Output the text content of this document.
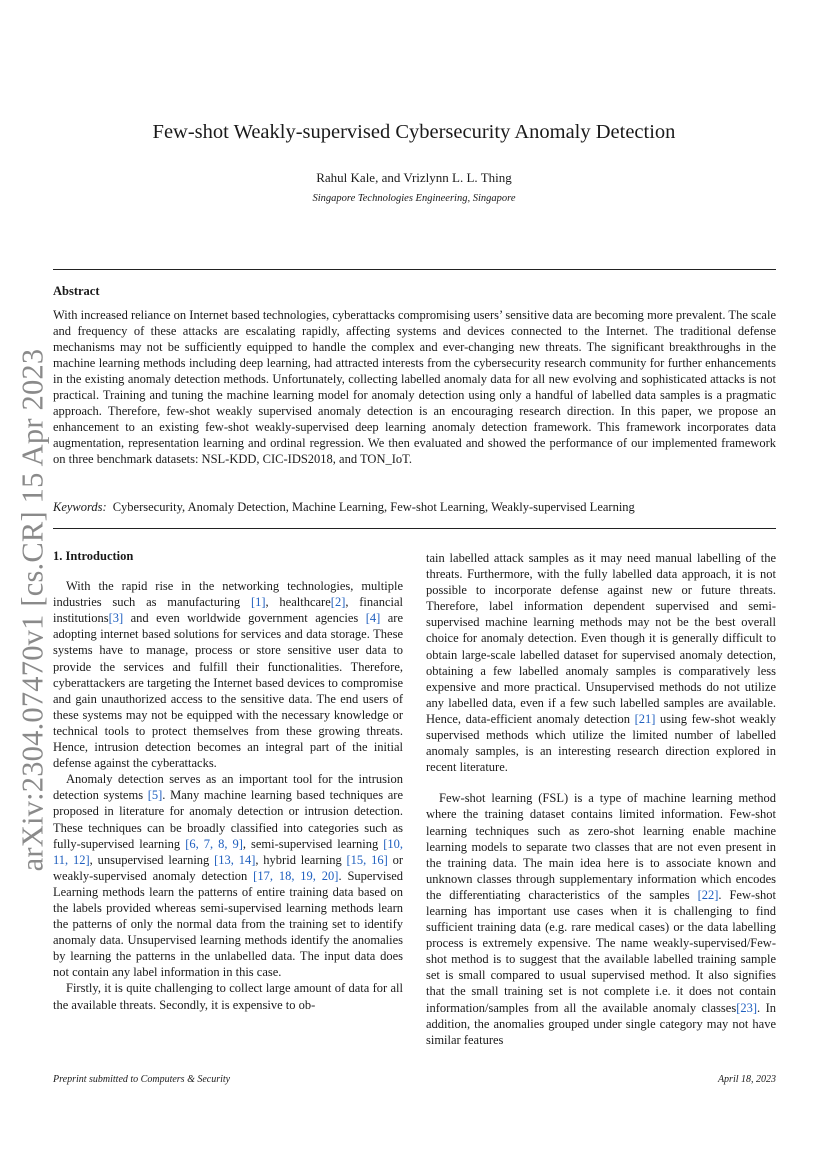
arXiv:2304.07470v1 [cs.CR] 15 Apr 2023
Few-shot Weakly-supervised Cybersecurity Anomaly Detection
Rahul Kale, and Vrizlynn L. L. Thing
Singapore Technologies Engineering, Singapore
Abstract

With increased reliance on Internet based technologies, cyberattacks compromising users’ sensitive data are becoming more prevalent. The scale and frequency of these attacks are escalating rapidly, affecting systems and devices connected to the Internet. The traditional defense mechanisms may not be sufficiently equipped to handle the complex and ever-changing new threats. The significant breakthroughs in the machine learning methods including deep learning, had attracted interests from the cybersecurity research community for further enhancements in the existing anomaly detection methods. Unfortunately, collecting labelled anomaly data for all new evolving and sophisticated attacks is not practical. Training and tuning the machine learning model for anomaly detection using only a handful of labelled data samples is a pragmatic approach. Therefore, few-shot weakly supervised anomaly detection is an encouraging research direction. In this paper, we propose an enhancement to an existing few-shot weakly-supervised deep learning anomaly detection framework. This framework incorporates data augmentation, representation learning and ordinal regression. We then evaluated and showed the performance of our implemented framework on three benchmark datasets: NSL-KDD, CIC-IDS2018, and TON_IoT.

Keywords: Cybersecurity, Anomaly Detection, Machine Learning, Few-shot Learning, Weakly-supervised Learning

1. Introduction

With the rapid rise in the networking technologies, multiple industries such as manufacturing [1], healthcare[2], financial institutions[3] and even worldwide government agencies [4] are adopting internet based solutions for services and data storage. These systems have to manage, process or store sensitive user data to provide the services and fulfill their functionalities. Therefore, cyberattackers are targeting the Internet based devices to compromise and gain unauthorized access to the sensitive data. The end users of these systems may not be equipped with the necessary knowledge or technical tools to protect themselves from these growing threats. Hence, intrusion detection becomes an integral part of the initial defense against the cyberattacks.

Anomaly detection serves as an important tool for the intrusion detection systems [5]. Many machine learning based techniques are proposed in literature for anomaly detection or intrusion detection. These techniques can be broadly classified into categories such as fully-supervised learning [6, 7, 8, 9], semi-supervised learning [10, 11, 12], unsupervised learning [13, 14], hybrid learning [15, 16] or weakly-supervised anomaly detection [17, 18, 19, 20]. Supervised Learning methods learn the patterns of entire training data based on the labels provided whereas semi-supervised learning methods learn the patterns of only the normal data from the training set to identify anomaly data. Unsupervised learning methods identify the anomalies by learning the patterns in the unlabelled data. The input data does not contain any label information in this case.

Firstly, it is quite challenging to collect large amount of data for all the available threats. Secondly, it is expensive to ob-

tain labelled attack samples as it may need manual labelling of the threats. Furthermore, with the fully labelled data approach, it is not possible to incorporate defense against new or future threats. Therefore, label information dependent supervised and semi-supervised machine learning methods may not be the best overall choice for anomaly detection. Even though it is generally difficult to obtain large-scale labelled dataset for supervised anomaly detection, obtaining a few labelled anomaly samples is comparatively less expensive and more practical. Unsupervised methods do not utilize any labelled data, even if a few such labelled samples are available. Hence, data-efficient anomaly detection [21] using few-shot weakly supervised methods which utilize the limited number of labelled anomaly samples, is an interesting research direction explored in recent literature.

Few-shot learning (FSL) is a type of machine learning method where the training dataset contains limited information. Few-shot learning techniques such as zero-shot learning enable machine learning models to separate two classes that are not even present in the training data. The main idea here is to associate known and unknown classes through supplementary information which encodes the differentiating characteristics of the samples [22]. Few-shot learning has important use cases when it is challenging to find sufficient training data (e.g. rare medical cases) or the data labelling process is extremely expensive. The name weakly-supervised/Few-shot method is to suggest that the available labelled training sample set is small compared to usual supervised method. It also signifies that the small training set is not complete i.e. it does not contain information/samples from all the available anomaly classes[23]. In addition, the anomalies grouped under single category may not have similar features

Preprint submitted to Computers & Security	April 18, 2023
